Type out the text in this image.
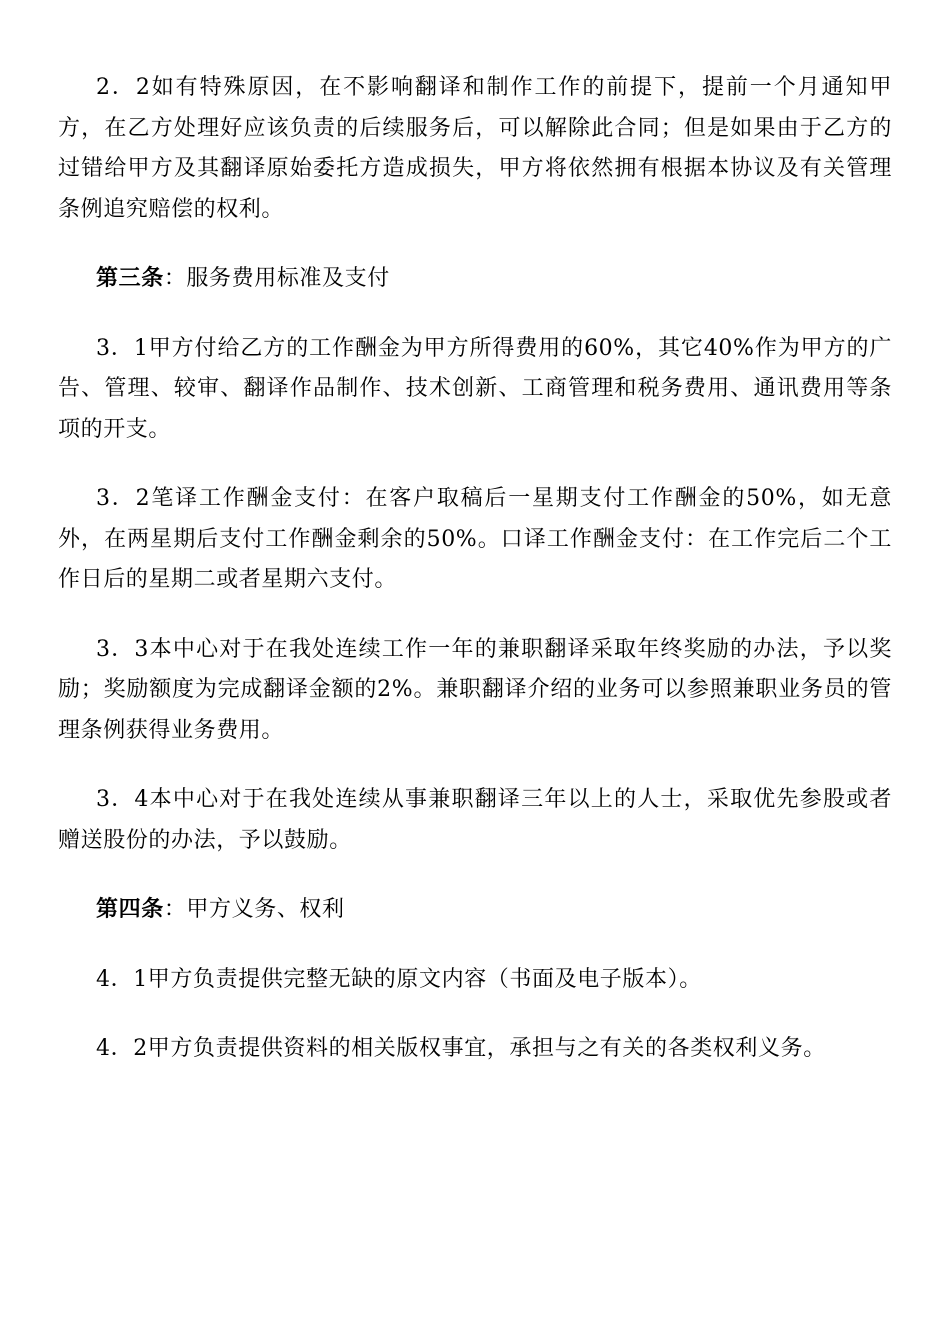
2．2如有特殊原因，在不影响翻译和制作工作的前提下，提前一个月通知甲方，在乙方处理好应该负责的后续服务后，可以解除此合同；但是如果由于乙方的过错给甲方及其翻译原始委托方造成损失，甲方将依然拥有根据本协议及有关管理条例追究赔偿的权利。

第三条：服务费用标准及支付

3．1甲方付给乙方的工作酬金为甲方所得费用的60%，其它40%作为甲方的广告、管理、较审、翻译作品制作、技术创新、工商管理和税务费用、通讯费用等条项的开支。

3．2笔译工作酬金支付：在客户取稿后一星期支付工作酬金的50%，如无意外，在两星期后支付工作酬金剩余的50%。口译工作酬金支付：在工作完后二个工作日后的星期二或者星期六支付。

3．3本中心对于在我处连续工作一年的兼职翻译采取年终奖励的办法，予以奖励；奖励额度为完成翻译金额的2%。兼职翻译介绍的业务可以参照兼职业务员的管理条例获得业务费用。

3．4本中心对于在我处连续从事兼职翻译三年以上的人士，采取优先参股或者赠送股份的办法，予以鼓励。

第四条：甲方义务、权利

4．1甲方负责提供完整无缺的原文内容（书面及电子版本）。

4．2甲方负责提供资料的相关版权事宜，承担与之有关的各类权利义务。
